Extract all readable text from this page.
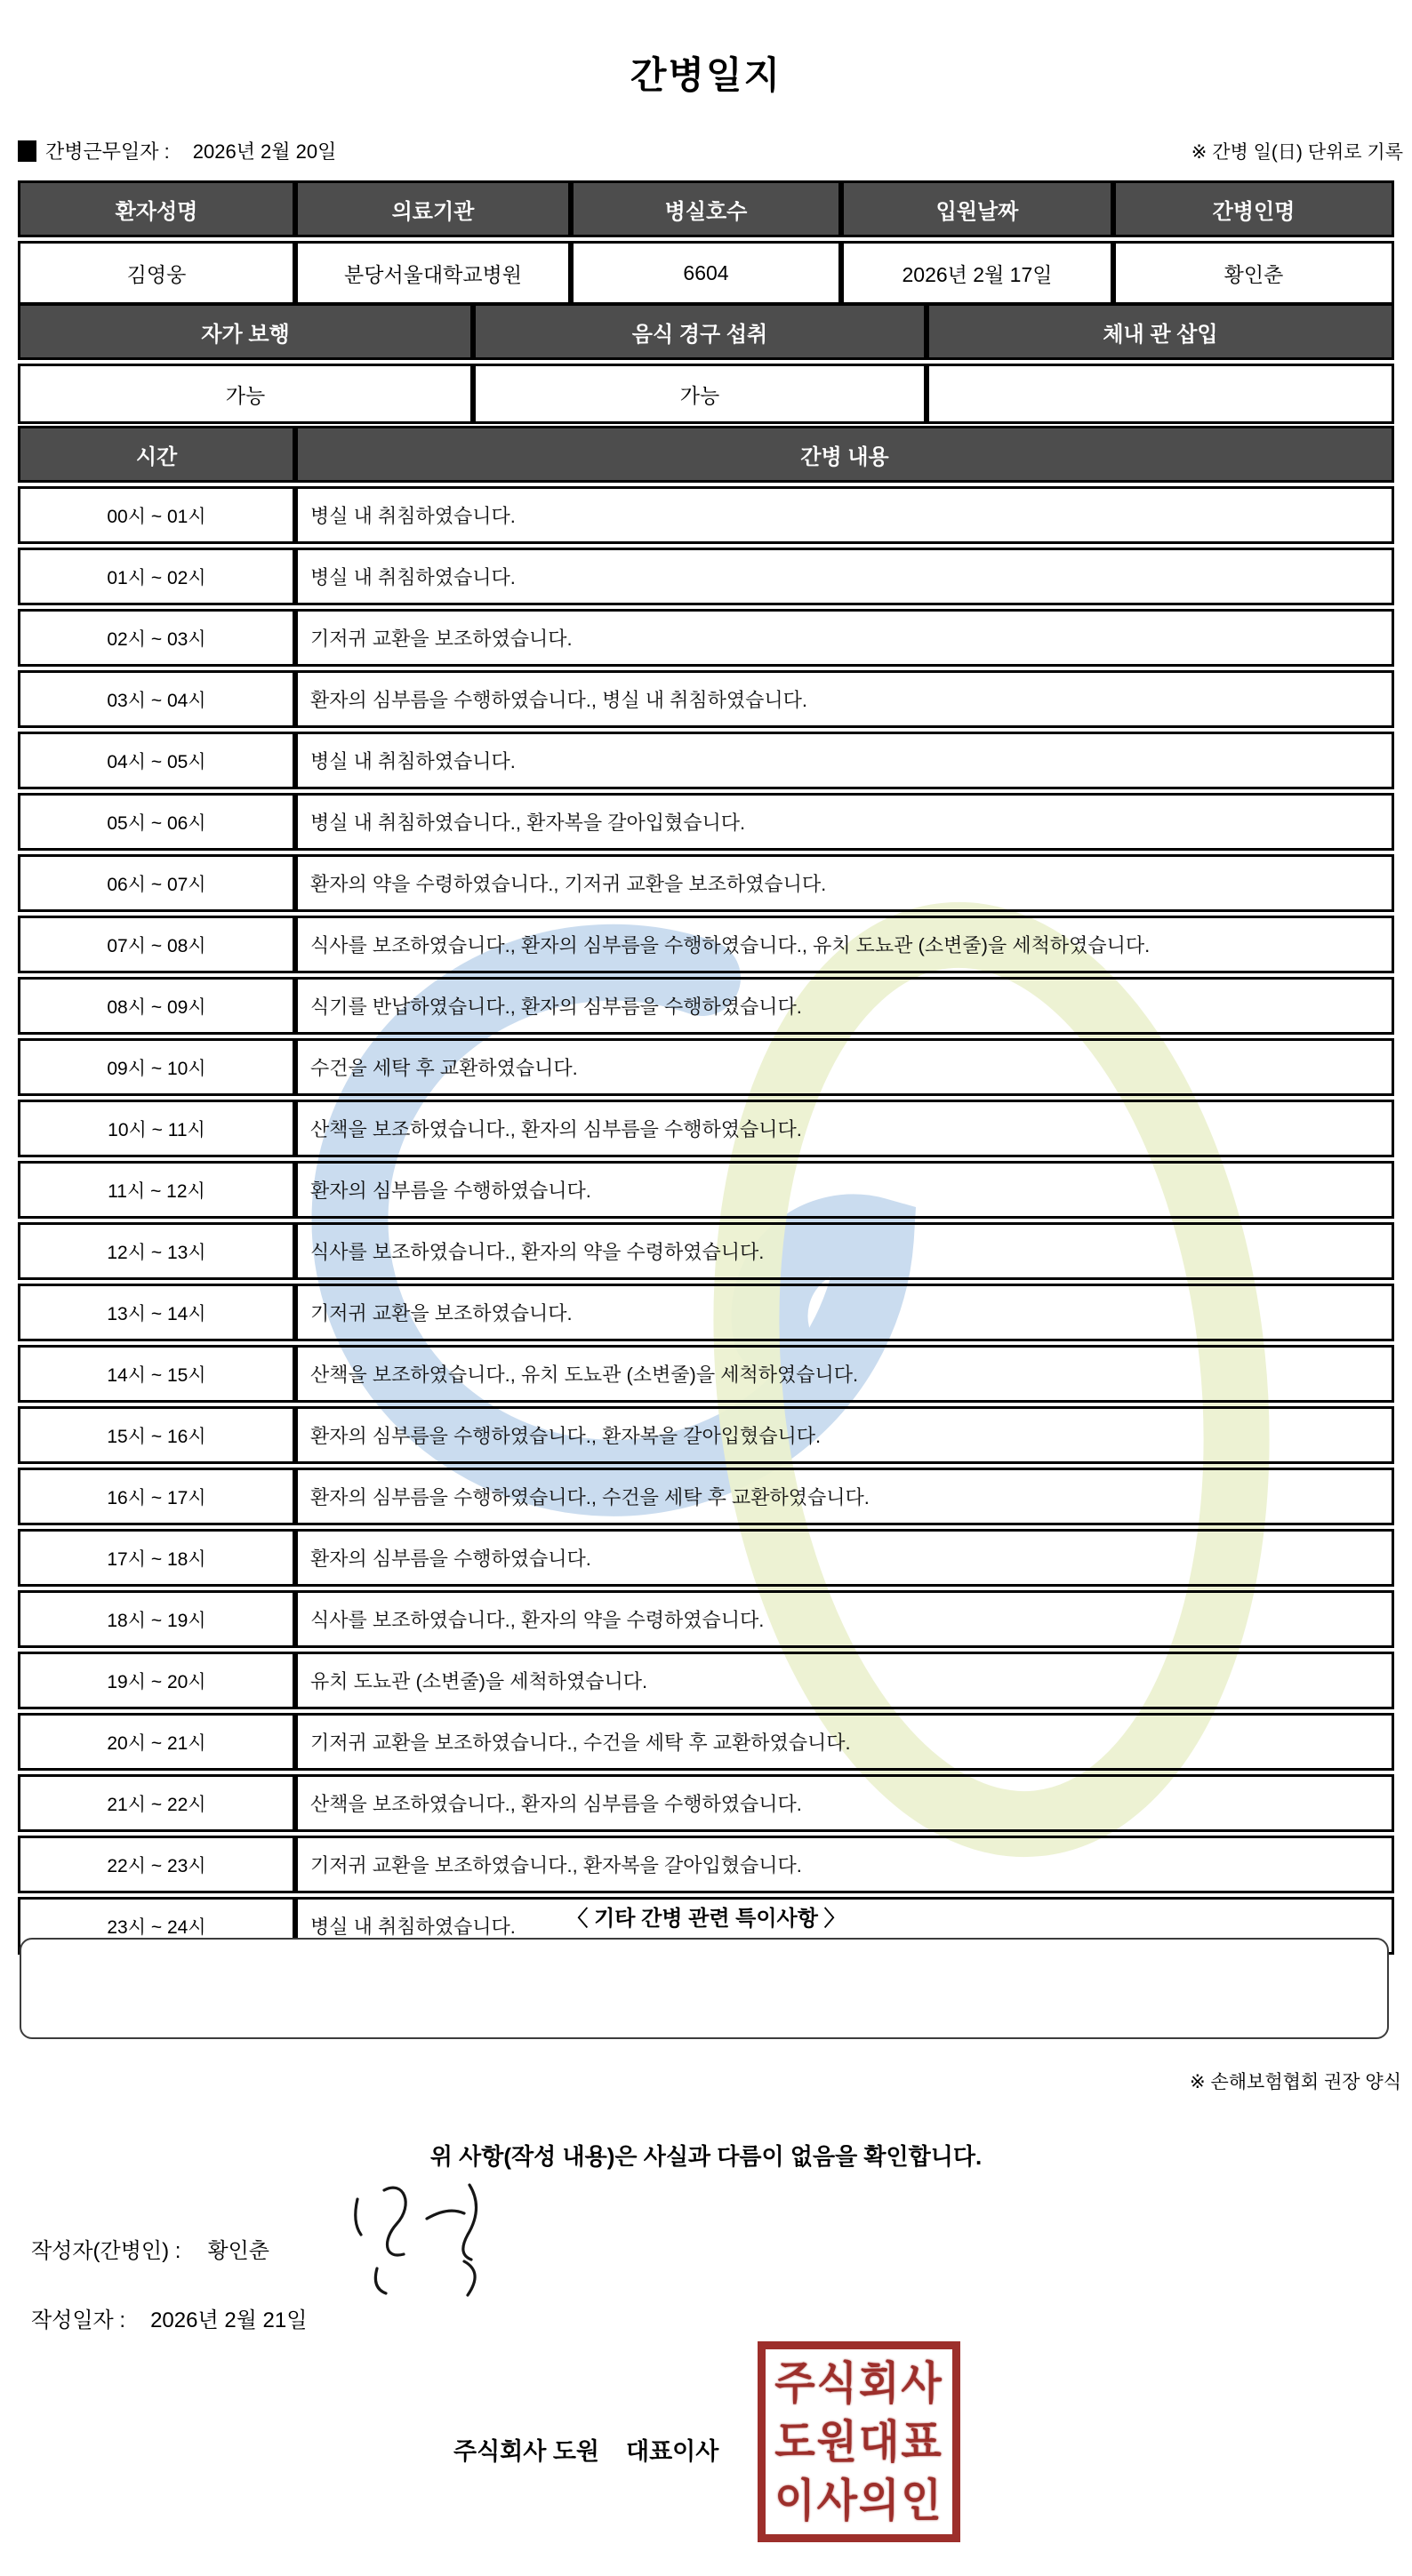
간병일지
간병근무일자 : 2026년 2월 20일	※ 간병 일(日) 단위로 기록
환자성명	의료기관	병실호수	입원날짜	간병인명
김영웅	분당서울대학교병원	6604	2026년 2월 17일	황인춘
자가 보행	음식 경구 섭취	체내 관 삽입
가능	가능	
시간	간병 내용
00시 ~ 01시	병실 내 취침하였습니다.
01시 ~ 02시	병실 내 취침하였습니다.
02시 ~ 03시	기저귀 교환을 보조하였습니다.
03시 ~ 04시	환자의 심부름을 수행하였습니다., 병실 내 취침하였습니다.
04시 ~ 05시	병실 내 취침하였습니다.
05시 ~ 06시	병실 내 취침하였습니다., 환자복을 갈아입혔습니다.
06시 ~ 07시	환자의 약을 수령하였습니다., 기저귀 교환을 보조하였습니다.
07시 ~ 08시	식사를 보조하였습니다., 환자의 심부름을 수행하였습니다., 유치 도뇨관 (소변줄)을 세척하였습니다.
08시 ~ 09시	식기를 반납하였습니다., 환자의 심부름을 수행하였습니다.
09시 ~ 10시	수건을 세탁 후 교환하였습니다.
10시 ~ 11시	산책을 보조하였습니다., 환자의 심부름을 수행하였습니다.
11시 ~ 12시	환자의 심부름을 수행하였습니다.
12시 ~ 13시	식사를 보조하였습니다., 환자의 약을 수령하였습니다.
13시 ~ 14시	기저귀 교환을 보조하였습니다.
14시 ~ 15시	산책을 보조하였습니다., 유치 도뇨관 (소변줄)을 세척하였습니다.
15시 ~ 16시	환자의 심부름을 수행하였습니다., 환자복을 갈아입혔습니다.
16시 ~ 17시	환자의 심부름을 수행하였습니다., 수건을 세탁 후 교환하였습니다.
17시 ~ 18시	환자의 심부름을 수행하였습니다.
18시 ~ 19시	식사를 보조하였습니다., 환자의 약을 수령하였습니다.
19시 ~ 20시	유치 도뇨관 (소변줄)을 세척하였습니다.
20시 ~ 21시	기저귀 교환을 보조하였습니다., 수건을 세탁 후 교환하였습니다.
21시 ~ 22시	산책을 보조하였습니다., 환자의 심부름을 수행하였습니다.
22시 ~ 23시	기저귀 교환을 보조하였습니다., 환자복을 갈아입혔습니다.
23시 ~ 24시	병실 내 취침하였습니다.	〈 기타 간병 관련 특이사항 〉
※ 손해보험협회 권장 양식
위 사항(작성 내용)은 사실과 다름이 없음을 확인합니다.
작성자(간병인) : 황인춘
작성일자 : 2026년 2월 21일
주식회사 도원    대표이사
주식회사
도원대표
이사의인
